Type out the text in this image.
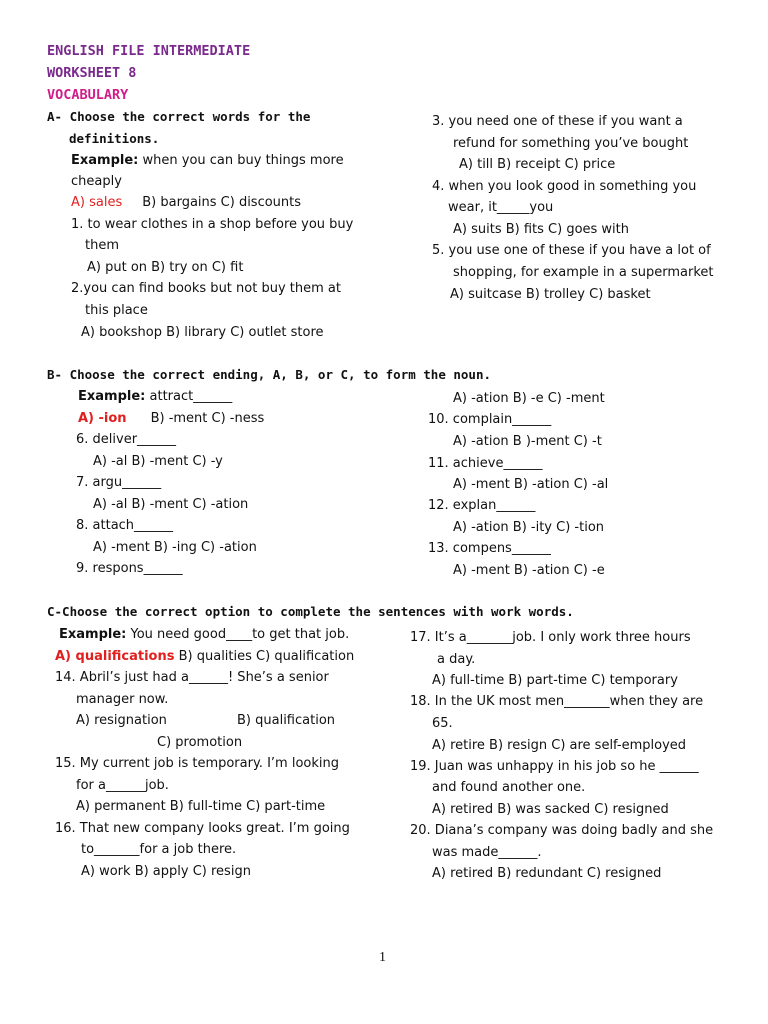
ENGLISH FILE INTERMEDIATE
WORKSHEET 8
VOCABULARY
A- Choose the correct words for the
definitions.
Example: when you can buy things more
cheaply
A) sales B) bargains C) discounts
1. to wear clothes in a shop before you buy
them
A) put on B) try on C) fit
2.you can find books but not buy them at
this place
A) bookshop B) library C) outlet store
3. you need one of these if you want a
refund for something you’ve bought
A) till B) receipt C) price
4. when you look good in something you
wear, it_____you
A) suits B) fits C) goes with
5. you use one of these if you have a lot of
shopping, for example in a supermarket
A) suitcase B) trolley C) basket
B- Choose the correct ending, A, B, or C, to form the noun.
Example: attract______
A) -ion B) -ment C) -ness
6. deliver______
A) -al B) -ment C) -y
7. argu______
A) -al B) -ment C) -ation
8. attach______
A) -ment B) -ing C) -ation
9. respons______
A) -ation B) -e C) -ment
10. complain______
A) -ation B )-ment C) -t
11. achieve______
A) -ment B) -ation C) -al
12. explan______
A) -ation B) -ity C) -tion
13. compens______
A) -ment B) -ation C) -e
C-Choose the correct option to complete the sentences with work words.
Example: You need good____to get that job.
A) qualifications B) qualities C) qualification
14. Abril’s just had a______! She’s a senior
manager now.
A) resignation	B) qualification
C) promotion
15. My current job is temporary. I’m looking
for a______job.
A) permanent B) full-time C) part-time
16. That new company looks great. I’m going
to_______for a job there.
A) work B) apply C) resign
17. It’s a_______job. I only work three hours
a day.
A) full-time B) part-time C) temporary
18. In the UK most men_______when they are
65.
A) retire B) resign C) are self-employed
19. Juan was unhappy in his job so he ______
and found another one.
A) retired B) was sacked C) resigned
20. Diana’s company was doing badly and she
was made______.
A) retired B) redundant C) resigned
1
